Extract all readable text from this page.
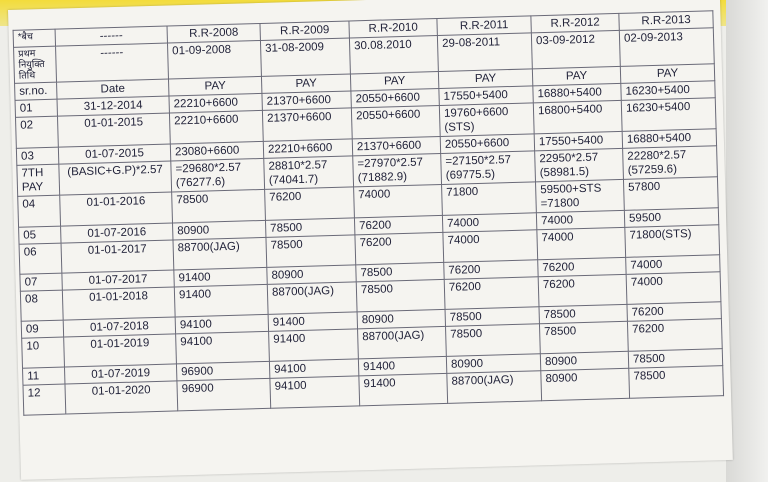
*बैच	------	R.R-2008	R.R-2009	R.R-2010	R.R-2011	R.R-2012	R.R-2013
प्रथम नियुक्ति तिथि	------	01-09-2008	31-08-2009	30.08.2010	29-08-2011	03-09-2012	02-09-2013
sr.no.	Date	PAY	PAY	PAY	PAY	PAY	PAY
01	31-12-2014	22210+6600	21370+6600	20550+6600	17550+5400	16880+5400	16230+5400
02	01-01-2015	22210+6600	21370+6600	20550+6600	19760+6600 (STS)	16800+5400	16230+5400
03	01-07-2015	23080+6600	22210+6600	21370+6600	20550+6600	17550+5400	16880+5400
7TH PAY	(BASIC+G.P)*2.57	=29680*2.57 (76277.6)	28810*2.57 (74041.7)	=27970*2.57 (71882.9)	=27150*2.57 (69775.5)	22950*2.57 (58981.5)	22280*2.57 (57259.6)
04	01-01-2016	78500	76200	74000	71800	59500+STS =71800	57800
05	01-07-2016	80900	78500	76200	74000	74000	59500
06	01-01-2017	88700(JAG)	78500	76200	74000	74000	71800(STS)
07	01-07-2017	91400	80900	78500	76200	76200	74000
08	01-01-2018	91400	88700(JAG)	78500	76200	76200	74000
09	01-07-2018	94100	91400	80900	78500	78500	76200
10	01-01-2019	94100	91400	88700(JAG)	78500	78500	76200
11	01-07-2019	96900	94100	91400	80900	80900	78500
12	01-01-2020	96900	94100	91400	88700(JAG)	80900	78500
